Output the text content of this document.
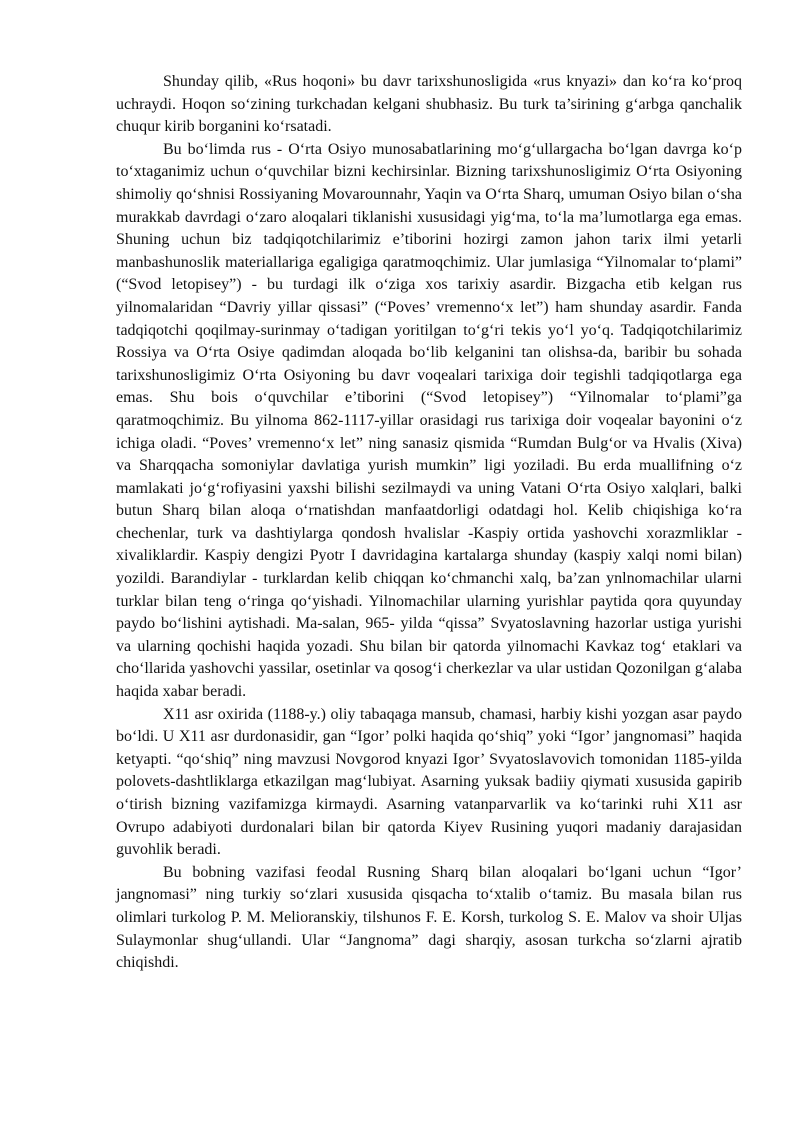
Shunday qilib, «Rus hoqoni» bu davr tarixshunosligida «rus knyazi» dan ko‘ra ko‘proq uchraydi. Hoqon so‘zining turkchadan kelgani shubhasiz. Bu turk ta’sirining g‘arbga qanchalik chuqur kirib borganini ko‘rsatadi.

Bu bo‘limda rus - O‘rta Osiyo munosabatlarining mo‘g‘ullargacha bo‘lgan davrga ko‘p to‘xtaganimiz uchun o‘quvchilar bizni kechirsinlar. Bizning tarixshunosligimiz O‘rta Osiyoning shimoliy qo‘shnisi Rossiyaning Movarounnahr, Yaqin va O‘rta Sharq, umuman Osiyo bilan o‘sha murakkab davrdagi o‘zaro aloqalari tiklanishi xususidagi yig‘ma, to‘la ma’lumotlarga ega emas. Shuning uchun biz tadqiqotchilarimiz e’tiborini hozirgi zamon jahon tarix ilmi yetarli manbashunoslik materiallariga egaligiga qaratmoqchimiz. Ular jumlasiga “Yilnomalar to‘plami” (“Svod letopisey”) - bu turdagi ilk o‘ziga xos tarixiy asardir. Bizgacha etib kelgan rus yilnomalaridan “Davriy yillar qissasi” (“Poves’ vremenno‘x let”) ham shunday asardir. Fanda tadqiqotchi qoqilmay-surinmay o‘tadigan yoritilgan to‘g‘ri tekis yo‘l yo‘q. Tadqiqotchilarimiz Rossiya va O‘rta Osiye qadimdan aloqada bo‘lib kelganini tan olishsa-da, baribir bu sohada tarixshunosligimiz O‘rta Osiyoning bu davr voqealari tarixiga doir tegishli tadqiqotlarga ega emas. Shu bois o‘quvchilar e’tiborini (“Svod letopisey”) “Yilnomalar to‘plami”ga qaratmoqchimiz. Bu yilnoma 862-1117-yillar orasidagi rus tarixiga doir voqealar bayonini o‘z ichiga oladi. “Poves’ vremenno‘x let” ning sanasiz qismida “Rumdan Bulg‘or va Hvalis (Xiva) va Sharqqacha somoniylar davlatiga yurish mumkin” ligi yoziladi. Bu erda muallifning o‘z mamlakati jo‘g‘rofiyasini yaxshi bilishi sezilmaydi va uning Vatani O‘rta Osiyo xalqlari, balki butun Sharq bilan aloqa o‘rnatishdan manfaatdorligi odatdagi hol. Kelib chiqishiga ko‘ra chechenlar, turk va dashtiylarga qondosh hvalislar -Kaspiy ortida yashovchi xorazmliklar - xivaliklardir. Kaspiy dengizi Pyotr I davridagina kartalarga shunday (kaspiy xalqi nomi bilan) yozildi. Barandiylar - turklardan kelib chiqqan ko‘chmanchi xalq, ba’zan ynlnomachilar ularni turklar bilan teng o‘ringa qo‘yishadi. Yilnomachilar ularning yurishlar paytida qora quyunday paydo bo‘lishini aytishadi. Ma-salan, 965- yilda “qissa” Svyatoslavning hazorlar ustiga yurishi va ularning qochishi haqida yozadi. Shu bilan bir qatorda yilnomachi Kavkaz tog‘ etaklari va cho‘llarida yashovchi yassilar, osetinlar va qosog‘i cherkezlar va ular ustidan Qozonilgan g‘alaba haqida xabar beradi.

X11 asr oxirida (1188-y.) oliy tabaqaga mansub, chamasi, harbiy kishi yozgan asar paydo bo‘ldi. U X11 asr durdonasidir, gan “Igor’ polki haqida qo‘shiq” yoki “Igor’ jangnomasi” haqida ketyapti. “qo‘shiq” ning mavzusi Novgorod knyazi Igor’ Svyatoslavovich tomonidan 1185-yilda polovets-dashtliklarga etkazilgan mag‘lubiyat. Asarning yuksak badiiy qiymati xususida gapirib o‘tirish bizning vazifamizga kirmaydi. Asarning vatanparvarlik va ko‘tarinki ruhi X11 asr Ovrupo adabiyoti durdonalari bilan bir qatorda Kiyev Rusining yuqori madaniy darajasidan guvohlik beradi.

Bu bobning vazifasi feodal Rusning Sharq bilan aloqalari bo‘lgani uchun “Igor’ jangnomasi” ning turkiy so‘zlari xususida qisqacha to‘xtalib o‘tamiz. Bu masala bilan rus olimlari turkolog P. M. Melioranskiy, tilshunos F. E. Korsh, turkolog S. E. Malov va shoir Uljas Sulaymonlar shug‘ullandi. Ular “Jangnoma” dagi sharqiy, asosan turkcha so‘zlarni ajratib chiqishdi.
